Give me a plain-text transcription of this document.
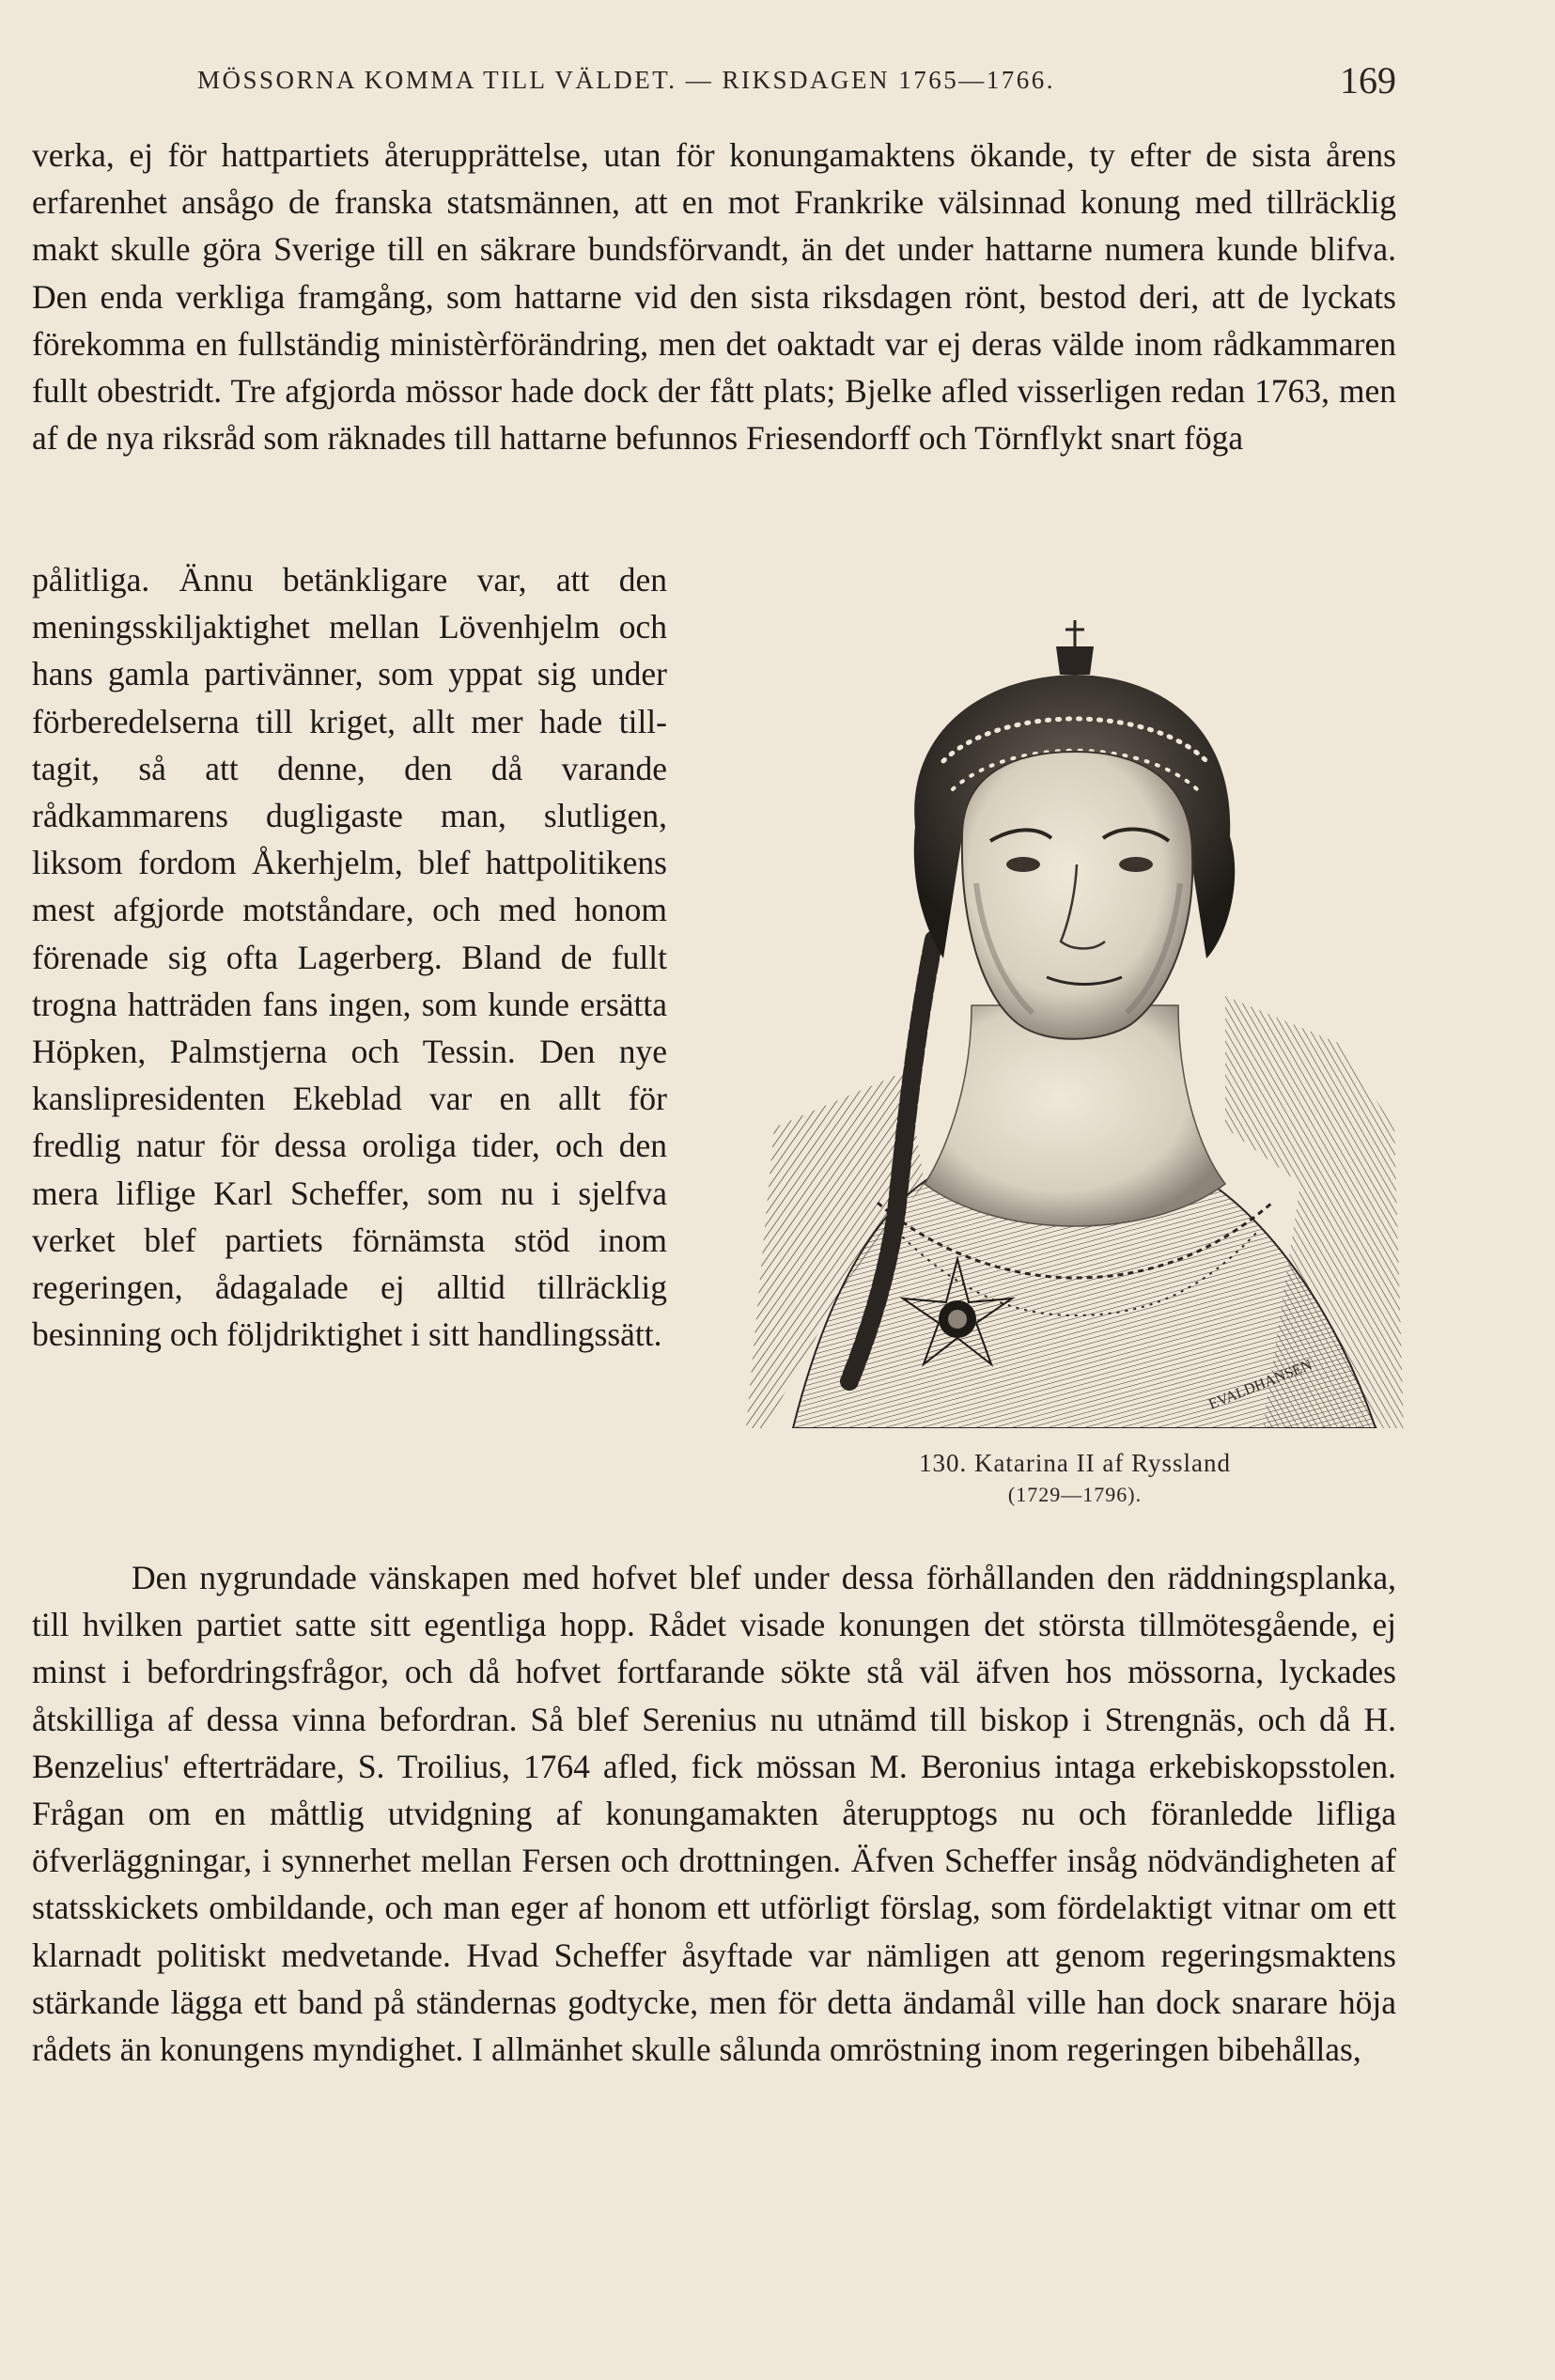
MÖSSORNA KOMMA TILL VÄLDET. — RIKSDAGEN 1765—1766.	169

verka, ej för hattpartiets återupprättelse, utan för konungamaktens ökande, ty efter de sista årens erfarenhet ansågo de franska statsmännen, att en mot Frankrike välsinnad konung med tillräcklig makt skulle göra Sverige till en säkrare bundsförvandt, än det under hattarne numera kunde blifva. Den enda verkliga framgång, som hattarne vid den sista riksdagen rönt, bestod deri, att de lyckats förekomma en fullständig ministèrförändring, men det oaktadt var ej deras välde inom rådkammaren fullt obestridt. Tre afgjorda mössor hade dock der fått plats; Bjelke afled visserligen redan 1763, men af de nya riksråd som räknades till hattarne befunnos Friesendorff och Törnflykt snart föga

pålitliga. Ännu betänkligare var, att den meningsskiljaktighet mellan Lövenhjelm och hans gamla partivänner, som yppat sig under förberedelserna till kriget, allt mer hade tilltagit, så att denne, den då varande rådkammarens dugligaste man, slutligen, liksom fordom Åkerhjelm, blef hattpolitikens mest afgjorde motståndare, och med honom förenade sig ofta Lagerberg. Bland de fullt trogna hatträden fans ingen, som kunde ersätta Höpken, Palmstjerna och Tessin. Den nye kanslipresidenten Ekeblad var en allt för fredlig natur för dessa oroliga tider, och den mera liflige Karl Scheffer, som nu i sjelfva verket blef partiets förnämsta stöd inom regeringen, ådagalade ej alltid tillräcklig besinning och följdriktighet i sitt handlingssätt.

EVALDHANSEN
130. Katarina II af Ryssland
(1729—1796).

Den nygrundade vänskapen med hofvet blef under dessa förhållanden den räddningsplanka, till hvilken partiet satte sitt egentliga hopp. Rådet visade konungen det största tillmötesgående, ej minst i befordringsfrågor, och då hofvet fortfarande sökte stå väl äfven hos mössorna, lyckades åtskilliga af dessa vinna befordran. Så blef Serenius nu utnämd till biskop i Strengnäs, och då H. Benzelius' efterträdare, S. Troilius, 1764 afled, fick mössan M. Beronius intaga erkebiskopsstolen. Frågan om en måttlig utvidgning af konungamakten återupptogs nu och föranledde lifliga öfverläggningar, i synnerhet mellan Fersen och drottningen. Äfven Scheffer insåg nödvändigheten af statsskickets ombildande, och man eger af honom ett utförligt förslag, som fördelaktigt vitnar om ett klarnadt politiskt medvetande. Hvad Scheffer åsyftade var nämligen att genom regeringsmaktens stärkande lägga ett band på ständernas godtycke, men för detta ändamål ville han dock snarare höja rådets än konungens myndighet. I allmänhet skulle sålunda omröstning inom regeringen bibehållas,
